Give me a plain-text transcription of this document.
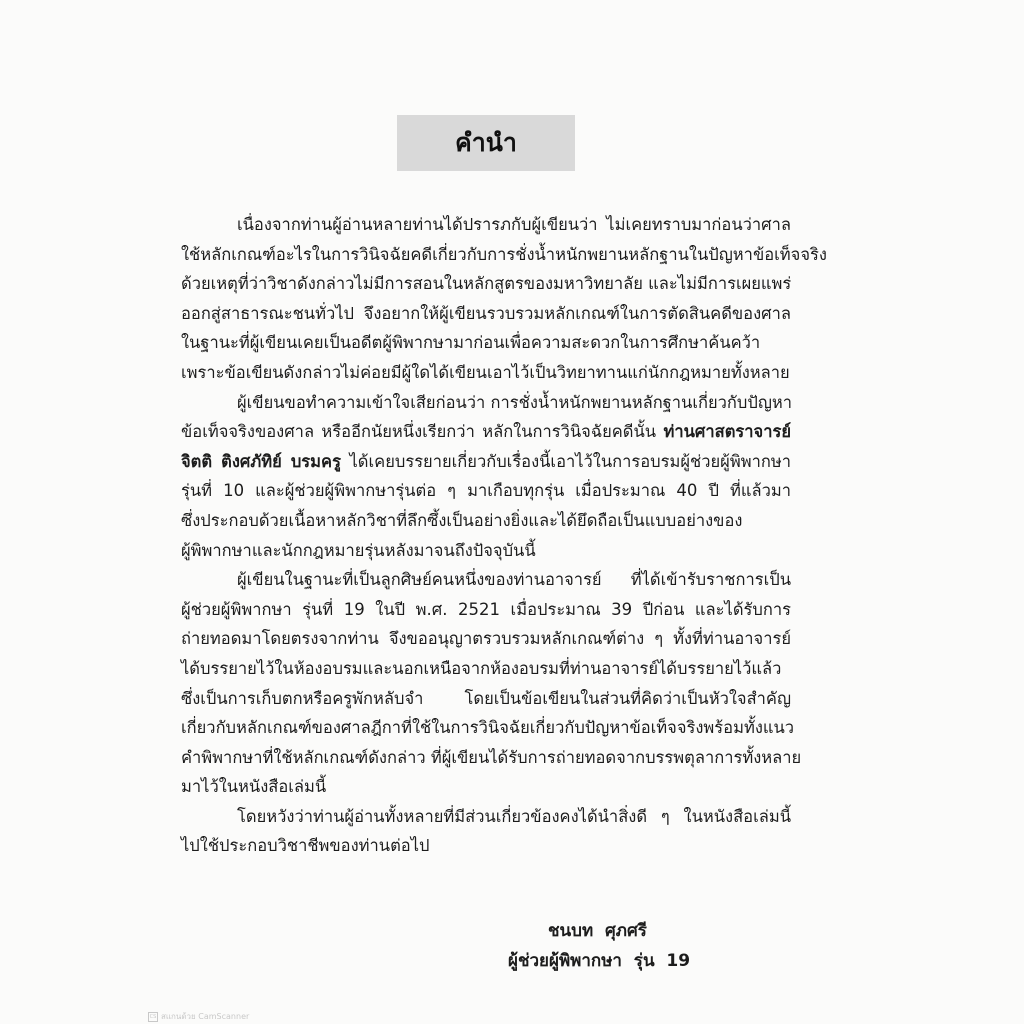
คำนำ
เนื่องจากท่านผู้อ่านหลายท่านได้ปรารภกับผู้เขียนว่า ไม่เคยทราบมาก่อนว่าศาล
ใช้หลักเกณฑ์อะไรในการวินิจฉัยคดีเกี่ยวกับการชั่งน้ำหนักพยานหลักฐานในปัญหาข้อเท็จจริง
ด้วยเหตุที่ว่าวิชาดังกล่าวไม่มีการสอนในหลักสูตรของมหาวิทยาลัย และไม่มีการเผยแพร่
ออกสู่สาธารณะชนทั่วไป จึงอยากให้ผู้เขียนรวบรวมหลักเกณฑ์ในการตัดสินคดีของศาล
ในฐานะที่ผู้เขียนเคยเป็นอดีตผู้พิพากษามาก่อนเพื่อความสะดวกในการศึกษาค้นคว้า
เพราะข้อเขียนดังกล่าวไม่ค่อยมีผู้ใดได้เขียนเอาไว้เป็นวิทยาทานแก่นักกฎหมายทั้งหลาย
ผู้เขียนขอทำความเข้าใจเสียก่อนว่า การชั่งน้ำหนักพยานหลักฐานเกี่ยวกับปัญหา
ข้อเท็จจริงของศาล หรืออีกนัยหนึ่งเรียกว่า หลักในการวินิจฉัยคดีนั้น ท่านศาสตราจารย์
จิตติ ติงศภัทิย์ บรมครู ได้เคยบรรยายเกี่ยวกับเรื่องนี้เอาไว้ในการอบรมผู้ช่วยผู้พิพากษา
รุ่นที่ 10 และผู้ช่วยผู้พิพากษารุ่นต่อ ๆ มาเกือบทุกรุ่น เมื่อประมาณ 40 ปี ที่แล้วมา
ซึ่งประกอบด้วยเนื้อหาหลักวิชาที่ลึกซึ้งเป็นอย่างยิ่งและได้ยึดถือเป็นแบบอย่างของ
ผู้พิพากษาและนักกฎหมายรุ่นหลังมาจนถึงปัจจุบันนี้
ผู้เขียนในฐานะที่เป็นลูกศิษย์คนหนึ่งของท่านอาจารย์ ที่ได้เข้ารับราชการเป็น
ผู้ช่วยผู้พิพากษา รุ่นที่ 19 ในปี พ.ศ. 2521 เมื่อประมาณ 39 ปีก่อน และได้รับการ
ถ่ายทอดมาโดยตรงจากท่าน จึงขออนุญาตรวบรวมหลักเกณฑ์ต่าง ๆ ทั้งที่ท่านอาจารย์
ได้บรรยายไว้ในห้องอบรมและนอกเหนือจากห้องอบรมที่ท่านอาจารย์ได้บรรยายไว้แล้ว
ซึ่งเป็นการเก็บตกหรือครูพักหลับจำ โดยเป็นข้อเขียนในส่วนที่คิดว่าเป็นหัวใจสำคัญ
เกี่ยวกับหลักเกณฑ์ของศาลฎีกาที่ใช้ในการวินิจฉัยเกี่ยวกับปัญหาข้อเท็จจริงพร้อมทั้งแนว
คำพิพากษาที่ใช้หลักเกณฑ์ดังกล่าว ที่ผู้เขียนได้รับการถ่ายทอดจากบรรพตุลาการทั้งหลาย
มาไว้ในหนังสือเล่มนี้
โดยหวังว่าท่านผู้อ่านทั้งหลายที่มีส่วนเกี่ยวข้องคงได้นำสิ่งดี ๆ ในหนังสือเล่มนี้
ไปใช้ประกอบวิชาชีพของท่านต่อไป
ชนบท  ศุภศรี
ผู้ช่วยผู้พิพากษา  รุ่น  19
CS สแกนด้วย CamScanner
